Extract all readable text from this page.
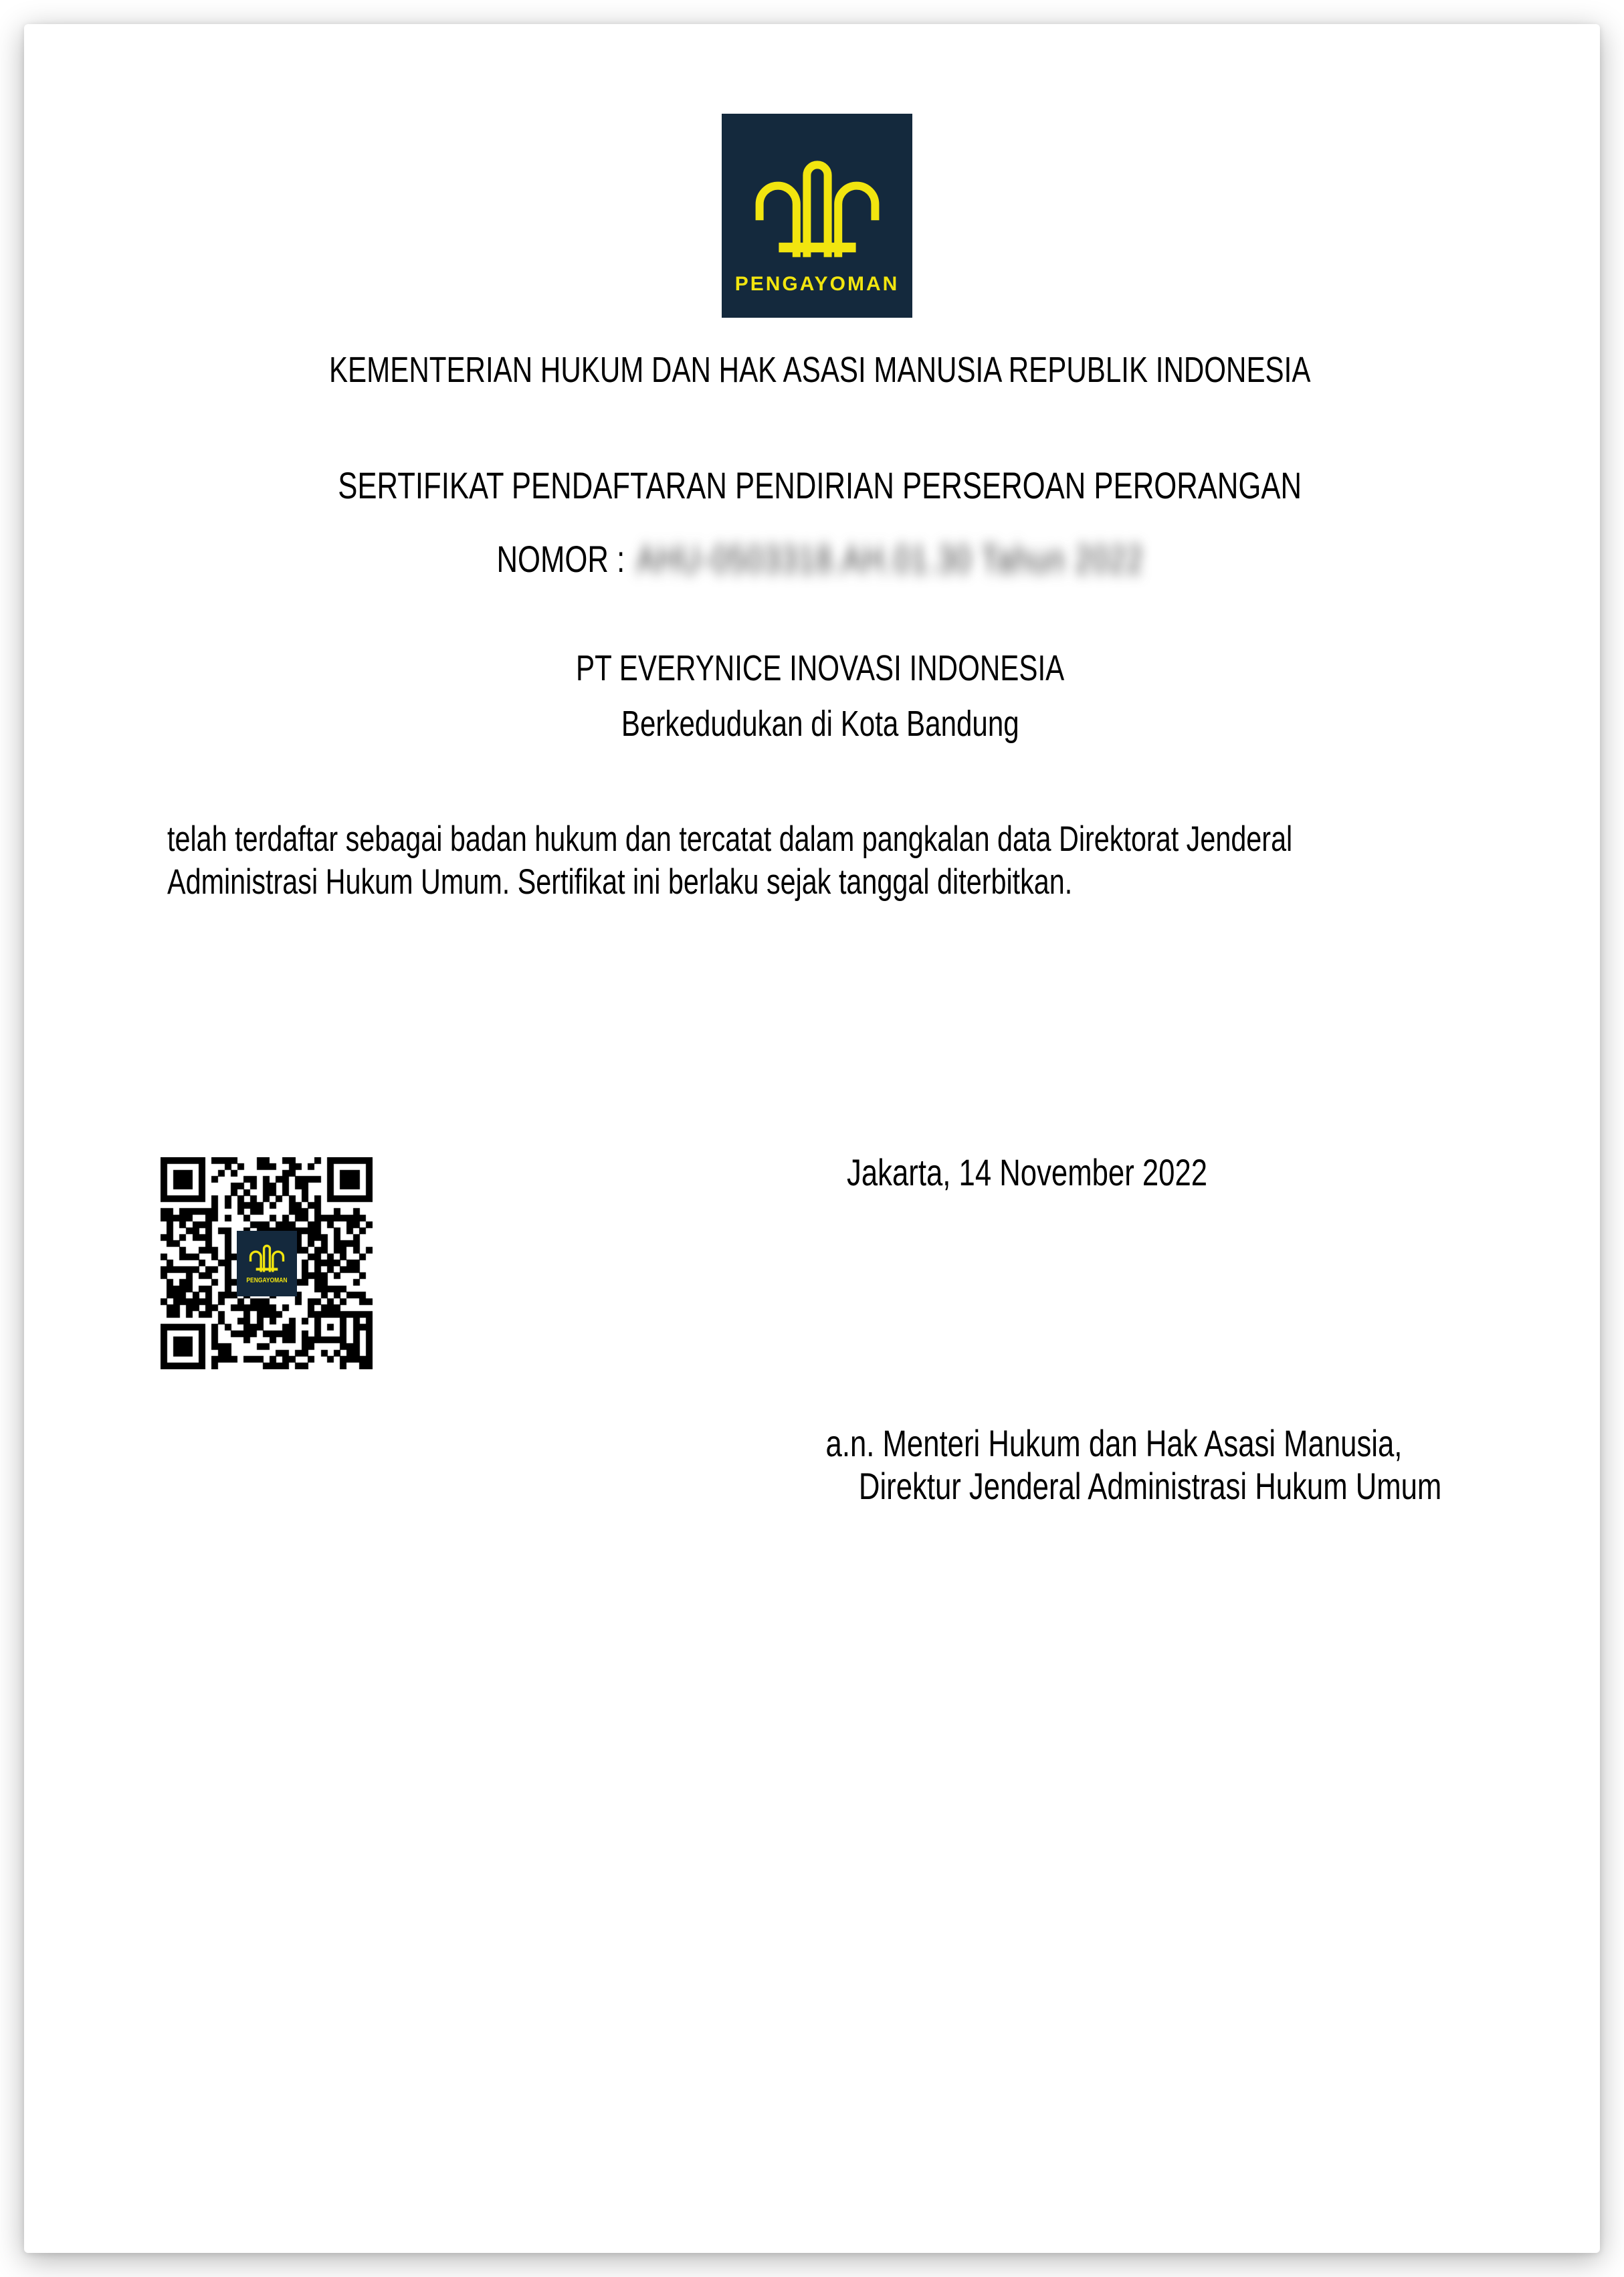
PENGAYOMAN
KEMENTERIAN HUKUM DAN HAK ASASI MANUSIA REPUBLIK INDONESIA
SERTIFIKAT PENDAFTARAN PENDIRIAN PERSEROAN PERORANGAN
NOMOR : AHU-0503318.AH.01.30 Tahun 2022
PT EVERYNICE INOVASI INDONESIA
Berkedudukan di Kota Bandung
telah terdaftar sebagai badan hukum dan tercatat dalam pangkalan data Direktorat Jenderal
Administrasi Hukum Umum. Sertifikat ini berlaku sejak tanggal diterbitkan.
PENGAYOMAN
Jakarta, 14 November 2022
a.n. Menteri Hukum dan Hak Asasi Manusia,
Direktur Jenderal Administrasi Hukum Umum
